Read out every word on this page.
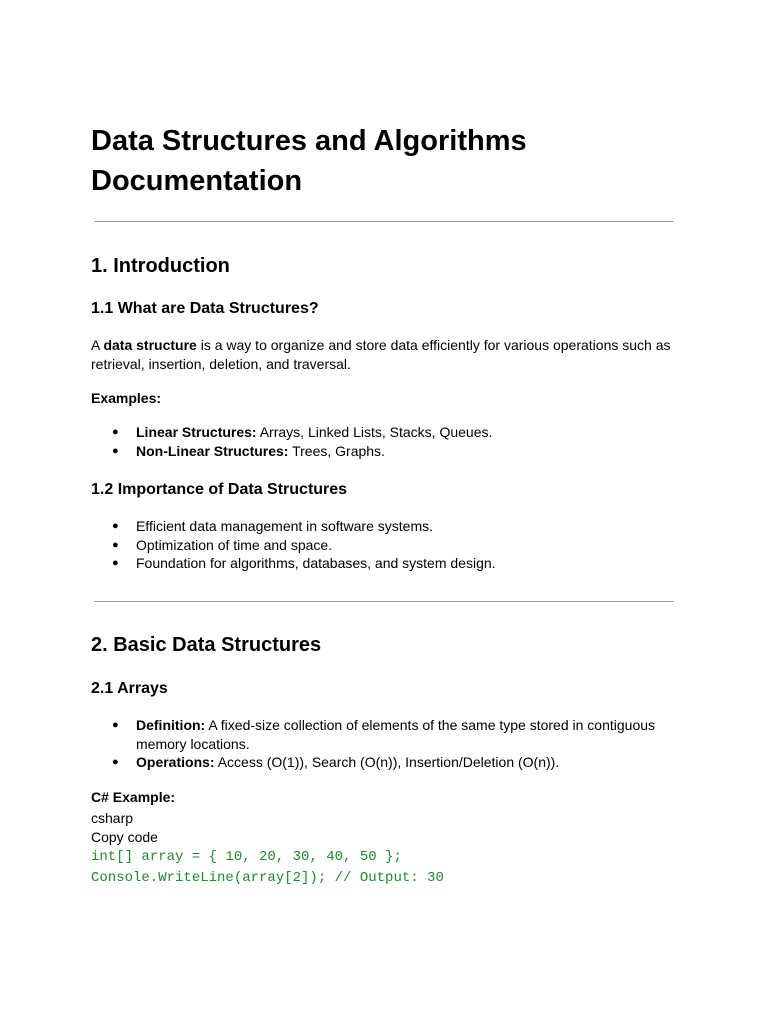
Data Structures and Algorithms Documentation
1. Introduction
1.1 What are Data Structures?

A data structure is a way to organize and store data efficiently for various operations such as retrieval, insertion, deletion, and traversal.

Examples:

● Linear Structures: Arrays, Linked Lists, Stacks, Queues.
● Non-Linear Structures: Trees, Graphs.
1.2 Importance of Data Structures
● Efficient data management in software systems.
● Optimization of time and space.
● Foundation for algorithms, databases, and system design.
2. Basic Data Structures
2.1 Arrays
● Definition: A fixed-size collection of elements of the same type stored in contiguous memory locations.
● Operations: Access (O(1)), Search (O(n)), Insertion/Deletion (O(n)).

C# Example:

csharp

Copy code

int[] array = { 10, 20, 30, 40, 50 };
Console.WriteLine(array[2]); // Output: 30
